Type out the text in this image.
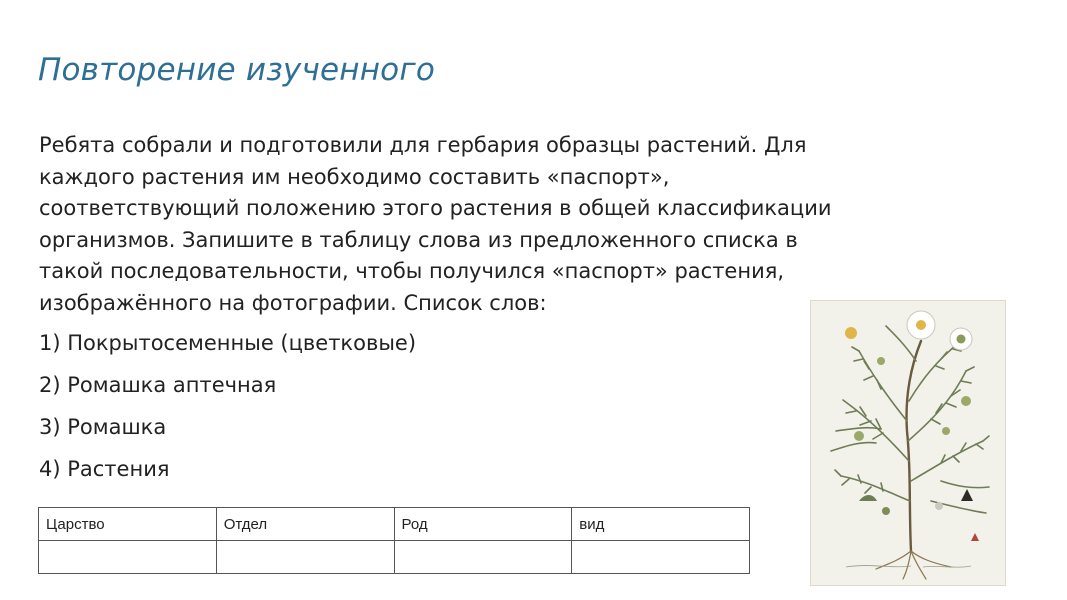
Повторение изученного

Ребята собрали и подготовили для гербария образцы растений. Для
каждого растения им необходимо составить «паспорт»,
соответствующий положению этого растения в общей классификации
организмов. Запишите в таблицу слова из предложенного списка в
такой последовательности, чтобы получился «паспорт» растения,
изображённого на фотографии. Список слов:

1) Покрытосеменные (цветковые)
2) Ромашка аптечная
3) Ромашка
4) Растения
Царство	Отдел	Род	вид
